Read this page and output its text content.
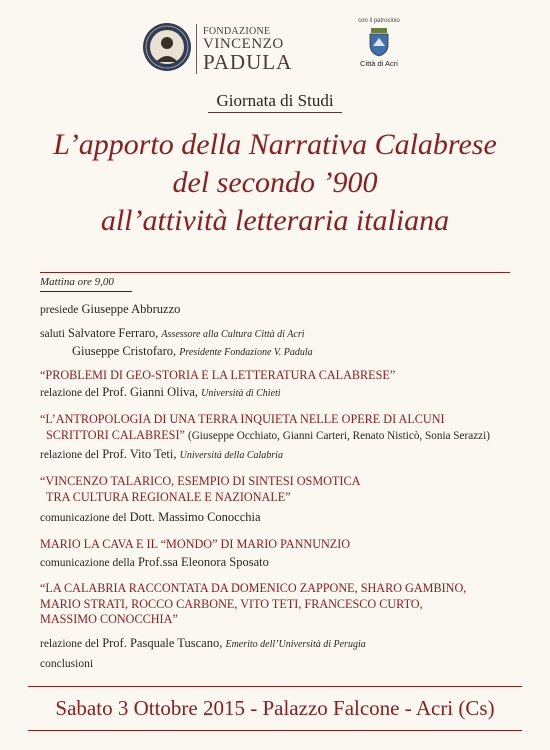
FONDAZIONE
VINCENZO
PADULA
con il patrocinio
Città di Acri
Giornata di Studi
L’apporto della Narrativa Calabrese
del secondo ’900
all’attività letteraria italiana
Mattina ore 9,00
presiede Giuseppe Abbruzzo
saluti Salvatore Ferraro, Assessore alla Cultura Città di Acri
Giuseppe Cristofaro, Presidente Fondazione V. Padula
“PROBLEMI DI GEO-STORIA E LA LETTERATURA CALABRESE”
relazione del Prof. Gianni Oliva, Università di Chieti
“L’ANTROPOLOGIA DI UNA TERRA INQUIETA NELLE OPERE DI ALCUNI
SCRITTORI CALABRESI” (Giuseppe Occhiato, Gianni Carteri, Renato Nisticò, Sonia Serazzi)
relazione del Prof. Vito Teti, Università della Calabria
“VINCENZO TALARICO, ESEMPIO DI SINTESI OSMOTICA
TRA CULTURA REGIONALE E NAZIONALE”
comunicazione del Dott. Massimo Conocchia
MARIO LA CAVA E IL “MONDO” DI MARIO PANNUNZIO
comunicazione della Prof.ssa Eleonora Sposato
“LA CALABRIA RACCONTATA DA DOMENICO ZAPPONE, SHARO GAMBINO,
MARIO STRATI, ROCCO CARBONE, VITO TETI, FRANCESCO CURTO,
MASSIMO CONOCCHIA”
relazione del Prof. Pasquale Tuscano, Emerito dell’Università di Perugia
conclusioni
Sabato 3 Ottobre 2015 - Palazzo Falcone - Acri (Cs)
